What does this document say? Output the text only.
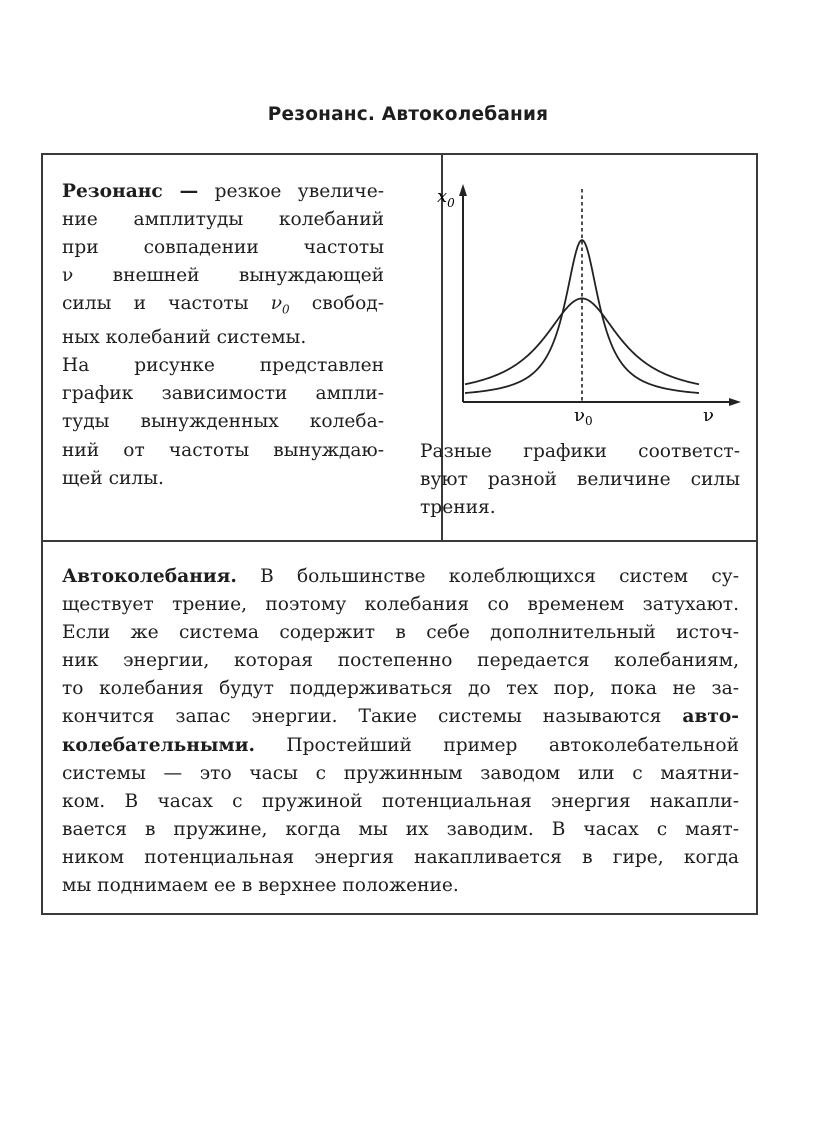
Резонанс. Автоколебания
Резонанс — резкое увеличе-
ние амплитуды колебаний
при совпадении частоты
ν внешней вынуждающей
силы и частоты $\nu_0$ свобод-
ных колебаний системы.
На рисунке представлен
график зависимости ампли-
туды вынужденных колеба-
ний от частоты вынуждаю-
щей силы.
$x_0$
ν
$\nu_0$
Разные графики соответст-
вуют разной величине силы
трения.
Автоколебания. В большинстве колеблющихся систем су-
ществует трение, поэтому колебания со временем затухают.
Если же система содержит в себе дополнительный источ-
ник энергии, которая постепенно передается колебаниям,
то колебания будут поддерживаться до тех пор, пока не за-
кончится запас энергии. Такие системы называются авто-
колебательными. Простейший пример автоколебательной
системы — это часы с пружинным заводом или с маятни-
ком. В часах с пружиной потенциальная энергия накапли-
вается в пружине, когда мы их заводим. В часах с маят-
ником потенциальная энергия накапливается в гире, когда
мы поднимаем ее в верхнее положение.
